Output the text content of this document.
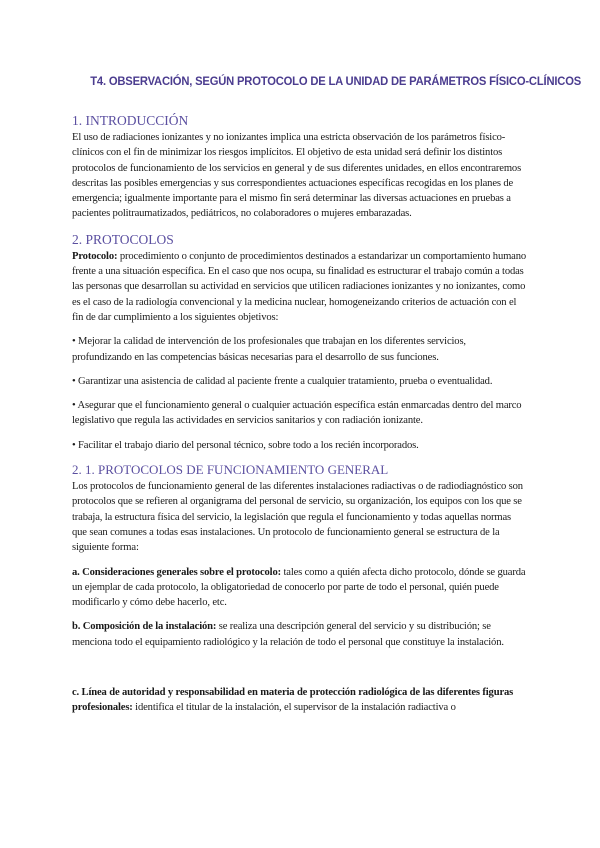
T4. OBSERVACIÓN, SEGÚN PROTOCOLO DE LA UNIDAD DE PARÁMETROS FÍSICO-CLÍNICOS
1. INTRODUCCIÓN

El uso de radiaciones ionizantes y no ionizantes implica una estricta observación de los parámetros físico-clínicos con el fin de minimizar los riesgos implícitos. El objetivo de esta unidad será definir los distintos protocolos de funcionamiento de los servicios en general y de sus diferentes unidades, en ellos encontraremos descritas las posibles emergencias y sus correspondientes actuaciones específicas recogidas en los planes de emergencia; igualmente importante para el mismo fin será determinar las diversas actuaciones en pruebas a pacientes politraumatizados, pediátricos, no colaboradores o mujeres embarazadas.

2. PROTOCOLOS

Protocolo: procedimiento o conjunto de procedimientos destinados a estandarizar un comportamiento humano frente a una situación específica. En el caso que nos ocupa, su finalidad es estructurar el trabajo común a todas las personas que desarrollan su actividad en servicios que utilicen radiaciones ionizantes y no ionizantes, como es el caso de la radiología convencional y la medicina nuclear, homogeneizando criterios de actuación con el fin de dar cumplimiento a los siguientes objetivos:

• Mejorar la calidad de intervención de los profesionales que trabajan en los diferentes servicios, profundizando en las competencias básicas necesarias para el desarrollo de sus funciones.

• Garantizar una asistencia de calidad al paciente frente a cualquier tratamiento, prueba o eventualidad.

• Asegurar que el funcionamiento general o cualquier actuación específica están enmarcadas dentro del marco legislativo que regula las actividades en servicios sanitarios y con radiación ionizante.

• Facilitar el trabajo diario del personal técnico, sobre todo a los recién incorporados.

2. 1. PROTOCOLOS DE FUNCIONAMIENTO GENERAL

Los protocolos de funcionamiento general de las diferentes instalaciones radiactivas o de radiodiagnóstico son protocolos que se refieren al organigrama del personal de servicio, su organización, los equipos con los que se trabaja, la estructura física del servicio, la legislación que regula el funcionamiento y todas aquellas normas que sean comunes a todas esas instalaciones. Un protocolo de funcionamiento general se estructura de la siguiente forma:

a. Consideraciones generales sobre el protocolo: tales como a quién afecta dicho protocolo, dónde se guarda un ejemplar de cada protocolo, la obligatoriedad de conocerlo por parte de todo el personal, quién puede modificarlo y cómo debe hacerlo, etc.

b. Composición de la instalación: se realiza una descripción general del servicio y su distribución; se menciona todo el equipamiento radiológico y la relación de todo el personal que constituye la instalación.

c. Línea de autoridad y responsabilidad en materia de protección radiológica de las diferentes figuras profesionales: identifica el titular de la instalación, el supervisor de la instalación radiactiva o
